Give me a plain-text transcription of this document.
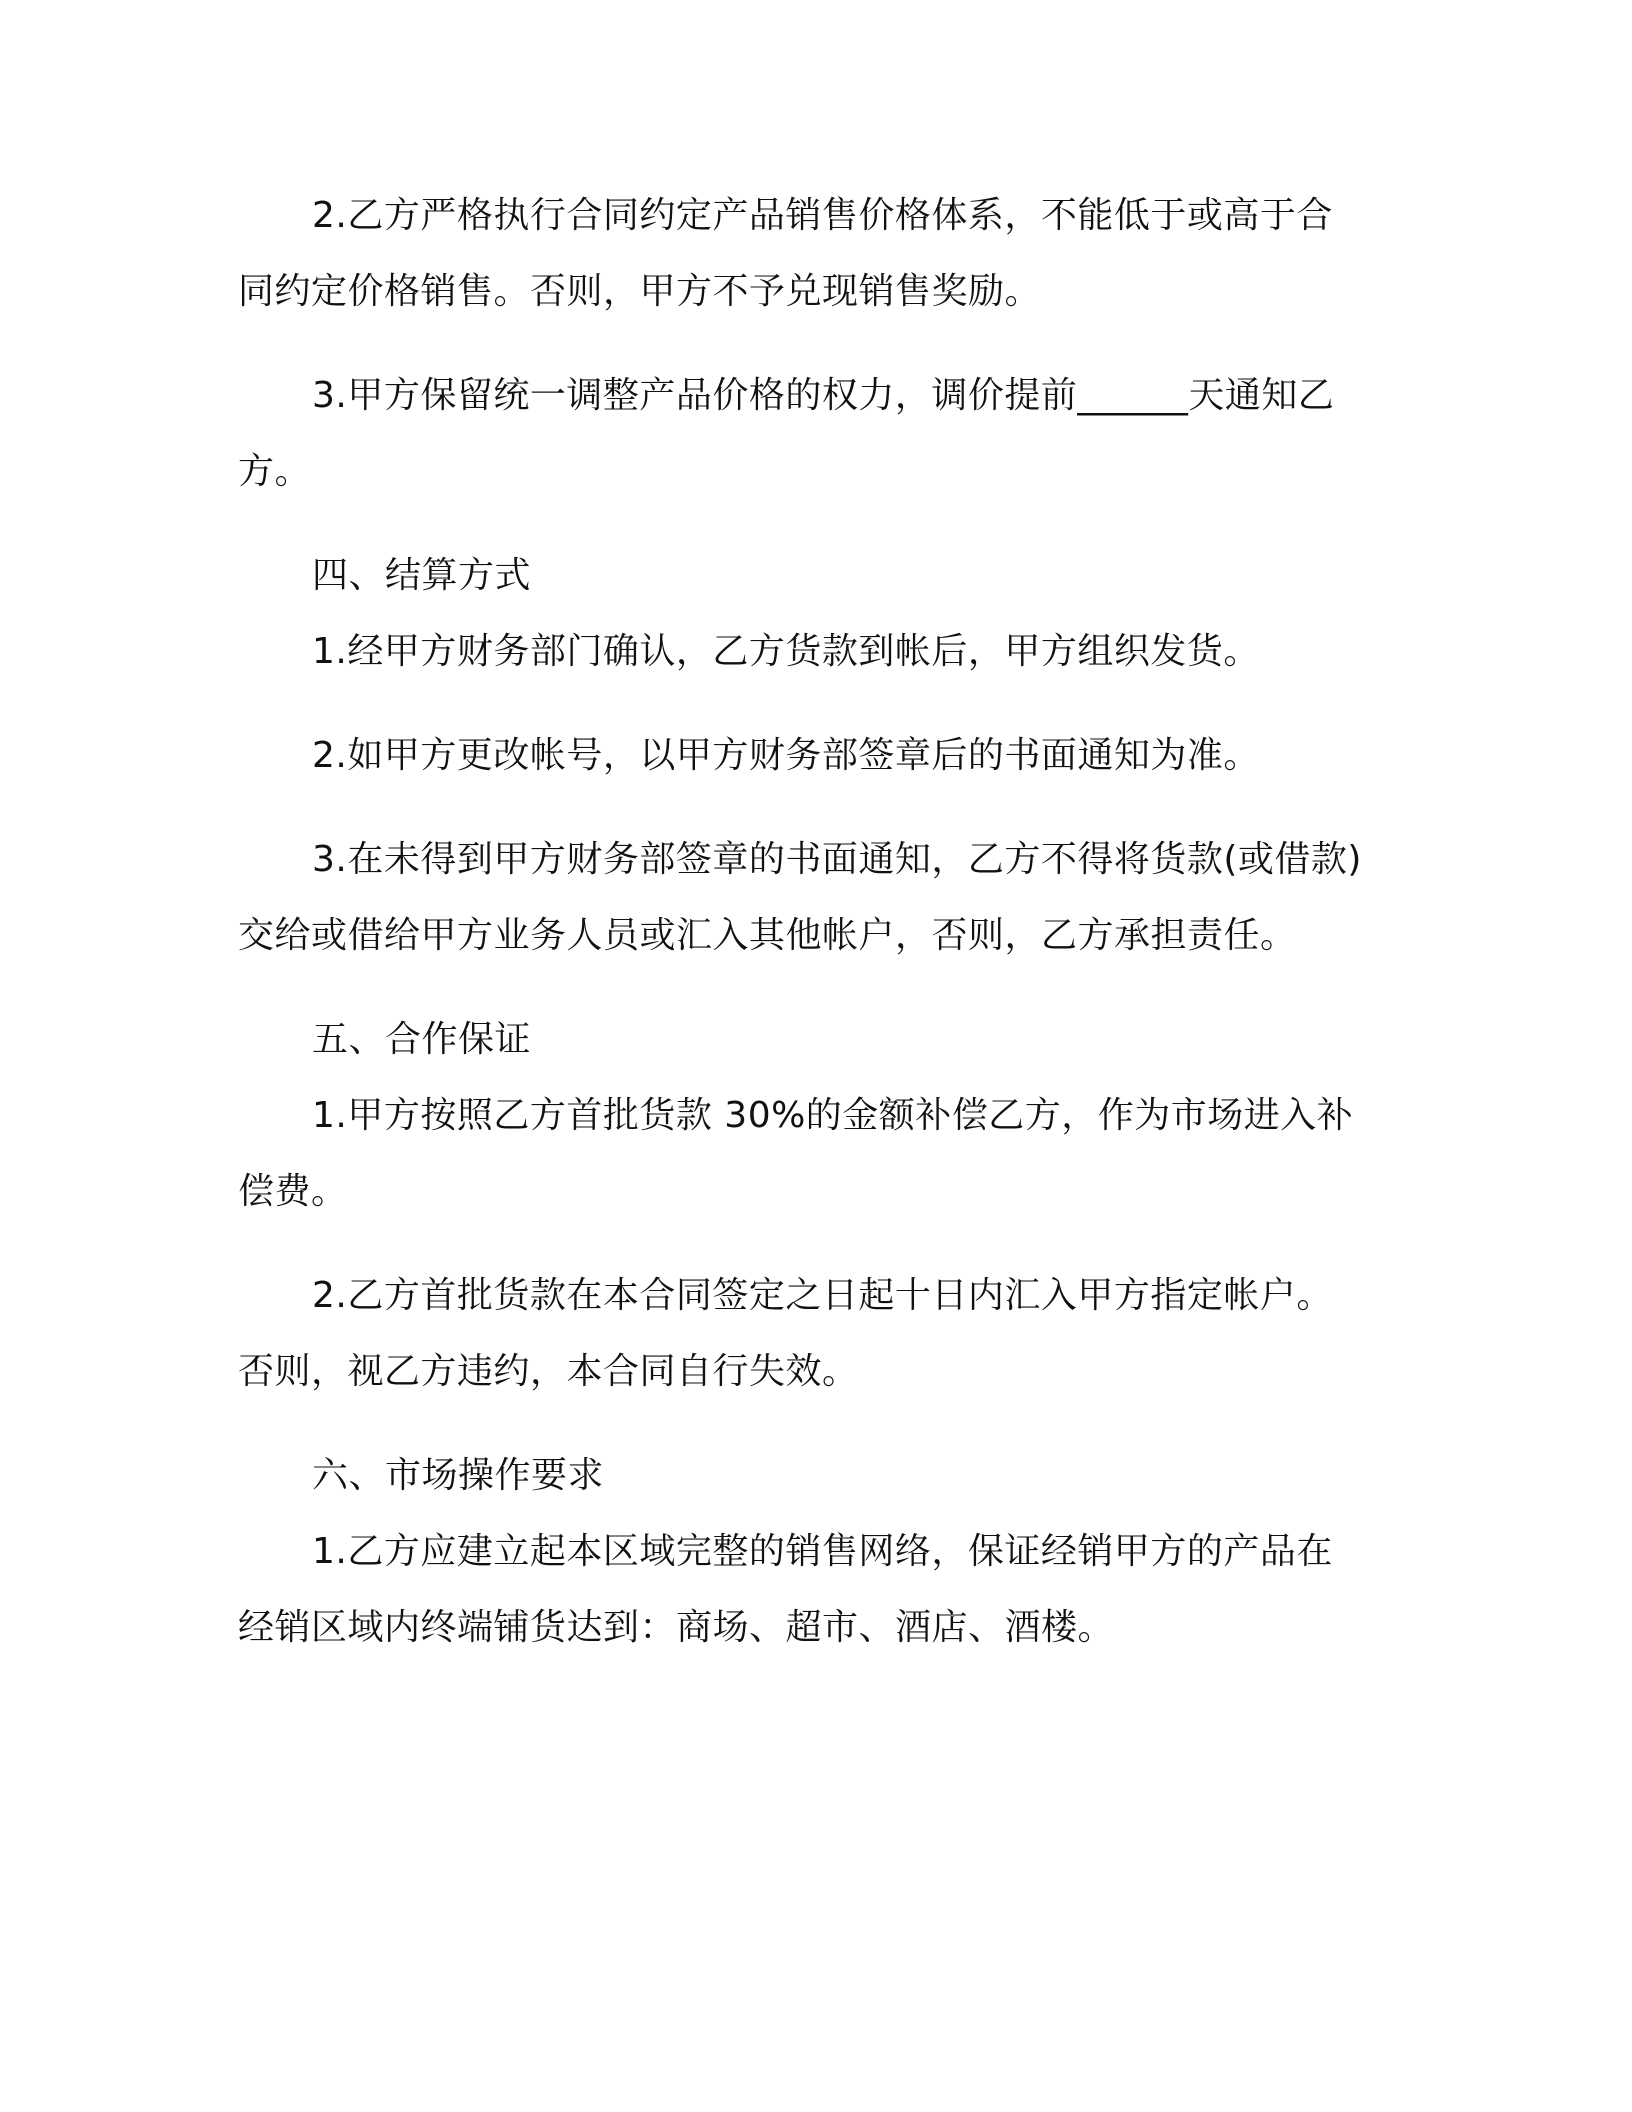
2.乙方严格执行合同约定产品销售价格体系，不能低于或高于合同约定价格销售。否则，甲方不予兑现销售奖励。

3.甲方保留统一调整产品价格的权力，调价提前______天通知乙方。

四、结算方式

1.经甲方财务部门确认，乙方货款到帐后，甲方组织发货。

2.如甲方更改帐号，以甲方财务部签章后的书面通知为准。

3.在未得到甲方财务部签章的书面通知，乙方不得将货款(或借款)交给或借给甲方业务人员或汇入其他帐户，否则，乙方承担责任。

五、合作保证

1.甲方按照乙方首批货款 30%的金额补偿乙方，作为市场进入补偿费。

2.乙方首批货款在本合同签定之日起十日内汇入甲方指定帐户。否则，视乙方违约，本合同自行失效。

六、市场操作要求

1.乙方应建立起本区域完整的销售网络，保证经销甲方的产品在经销区域内终端铺货达到：商场、超市、酒店、酒楼。
